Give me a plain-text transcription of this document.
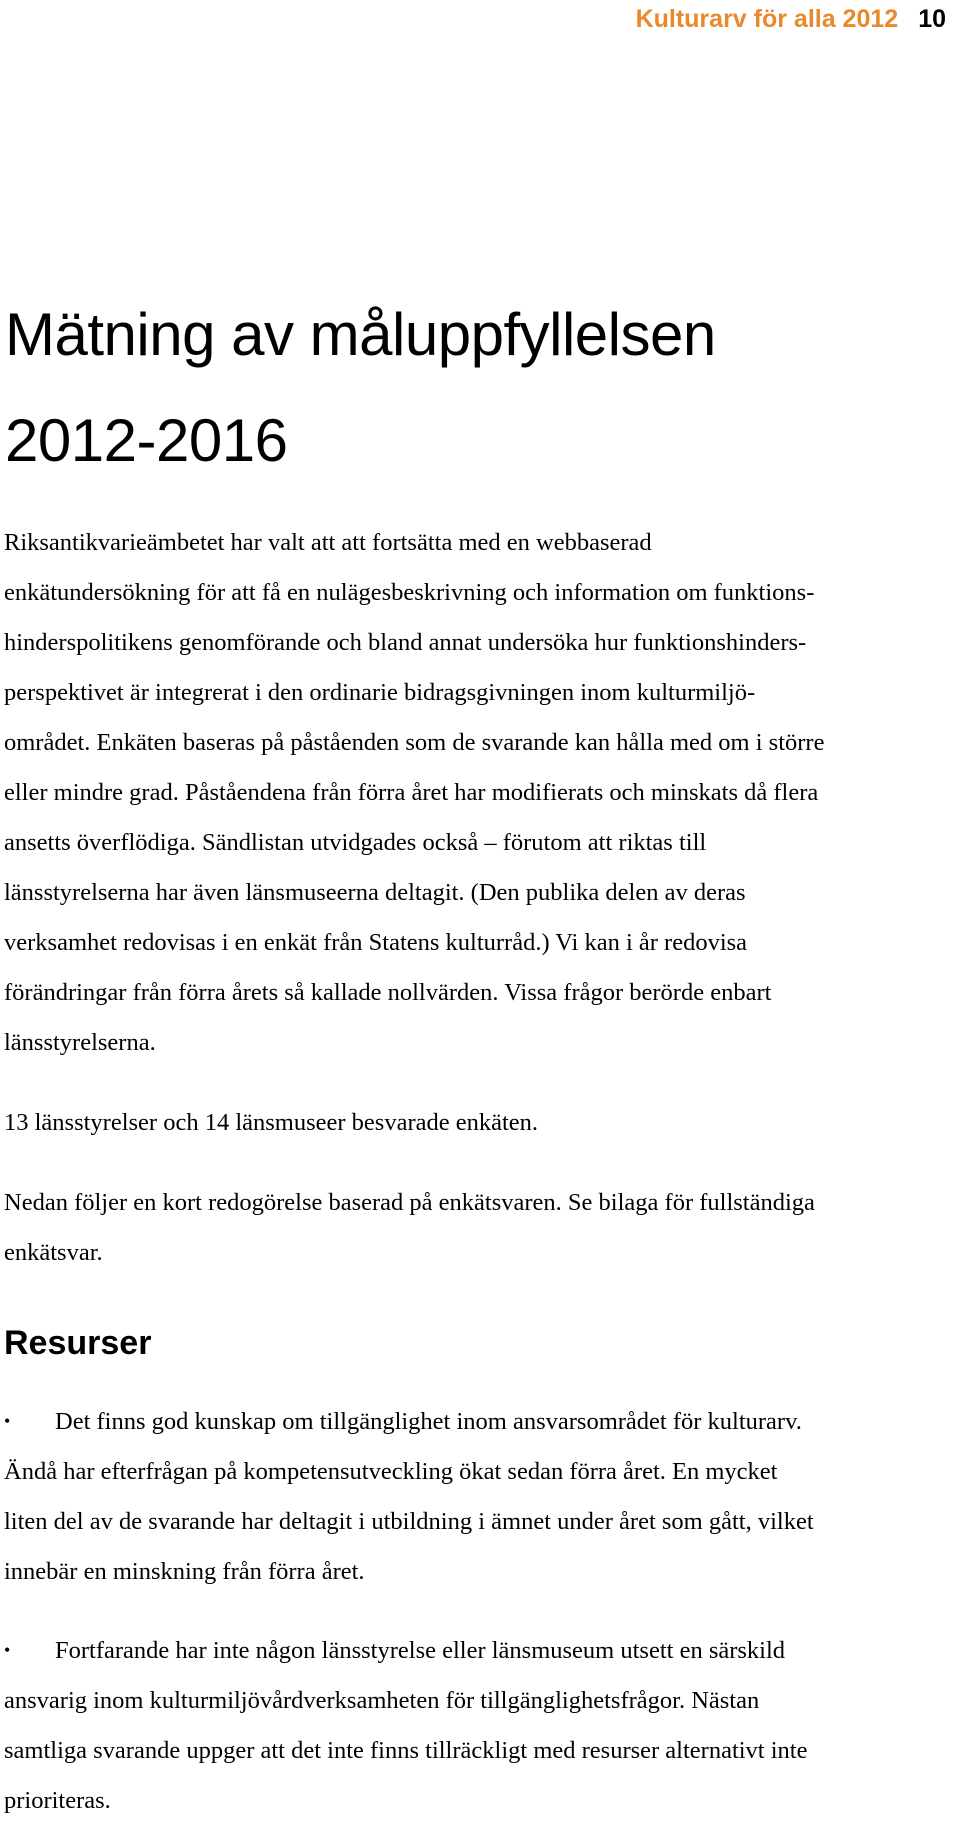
Kulturarv för alla 2012 10
Mätning av måluppfyllelsen
2012-2016
Riksantikvarieämbetet har valt att att fortsätta med en webbaserad
enkätundersökning för att få en nulägesbeskrivning och information om funktions-
hinderspolitikens genomförande och bland annat undersöka hur funktionshinders-
perspektivet är integrerat i den ordinarie bidragsgivningen inom kulturmiljö-
området. Enkäten baseras på påståenden som de svarande kan hålla med om i större
eller mindre grad. Påståendena från förra året har modifierats och minskats då flera
ansetts överflödiga. Sändlistan utvidgades också – förutom att riktas till
länsstyrelserna har även länsmuseerna deltagit. (Den publika delen av deras
verksamhet redovisas i en enkät från Statens kulturråd.) Vi kan i år redovisa
förändringar från förra årets så kallade nollvärden. Vissa frågor berörde enbart
länsstyrelserna.
13 länsstyrelser och 14 länsmuseer besvarade enkäten.
Nedan följer en kort redogörelse baserad på enkätsvaren. Se bilaga för fullständiga
enkätsvar.
Resurser
• Det finns god kunskap om tillgänglighet inom ansvarsområdet för kulturarv.
Ändå har efterfrågan på kompetensutveckling ökat sedan förra året. En mycket
liten del av de svarande har deltagit i utbildning i ämnet under året som gått, vilket
innebär en minskning från förra året.
• Fortfarande har inte någon länsstyrelse eller länsmuseum utsett en särskild
ansvarig inom kulturmiljövårdverksamheten för tillgänglighetsfrågor. Nästan
samtliga svarande uppger att det inte finns tillräckligt med resurser alternativt inte
prioriteras.
